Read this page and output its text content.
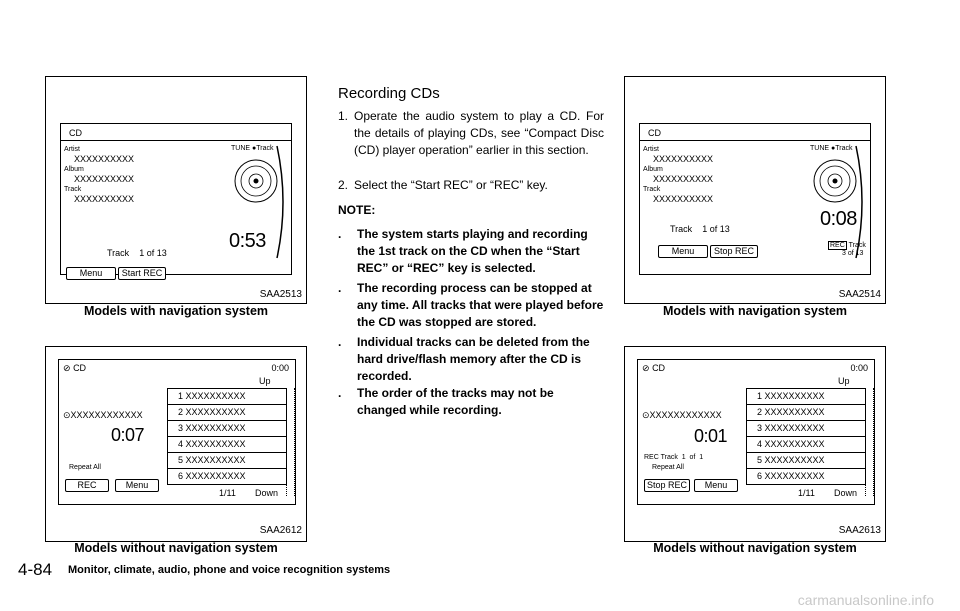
CD
Artist
XXXXXXXXXX
Album
XXXXXXXXXX
Track
XXXXXXXXXX
TUNE ●Track
Track 1 of 13
0:53
Menu	Start REC
SAA2513
Models with navigation system
⊘ CD	0:00
⊙XXXXXXXXXXXX
0:07
Repeat All
REC	Menu
Up
1 XXXXXXXXXX
2 XXXXXXXXXX
3 XXXXXXXXXX
4 XXXXXXXXXX
5 XXXXXXXXXX
6 XXXXXXXXXX
1/11 Down
SAA2612
Models without navigation system
Recording CDs
1. Operate the audio system to play a CD. For the details of playing CDs, see “Compact Disc (CD) player operation” earlier in this section.
2. Select the “Start REC” or “REC” key.
NOTE:
. The system starts playing and recording the 1st track on the CD when the “Start REC” or “REC” key is selected.
. The recording process can be stopped at any time. All tracks that were played before the CD was stopped are stored.
. Individual tracks can be deleted from the hard drive/flash memory after the CD is recorded.
. The order of the tracks may not be changed while recording.
CD
Artist
XXXXXXXXXX
Album
XXXXXXXXXX
Track
XXXXXXXXXX
TUNE ●Track
Track 1 of 13	0:08
Menu	Stop REC
REC Track
3 of 13
SAA2514
Models with navigation system
⊘ CD	0:00
⊙XXXXXXXXXXXX
0:01
REC Track  1  of  1
Repeat All
Stop REC	Menu
Up
1 XXXXXXXXXX
2 XXXXXXXXXX
3 XXXXXXXXXX
4 XXXXXXXXXX
5 XXXXXXXXXX
6 XXXXXXXXXX
1/11 Down
SAA2613
Models without navigation system
4-84 Monitor, climate, audio, phone and voice recognition systems
carmanualsonline.info
